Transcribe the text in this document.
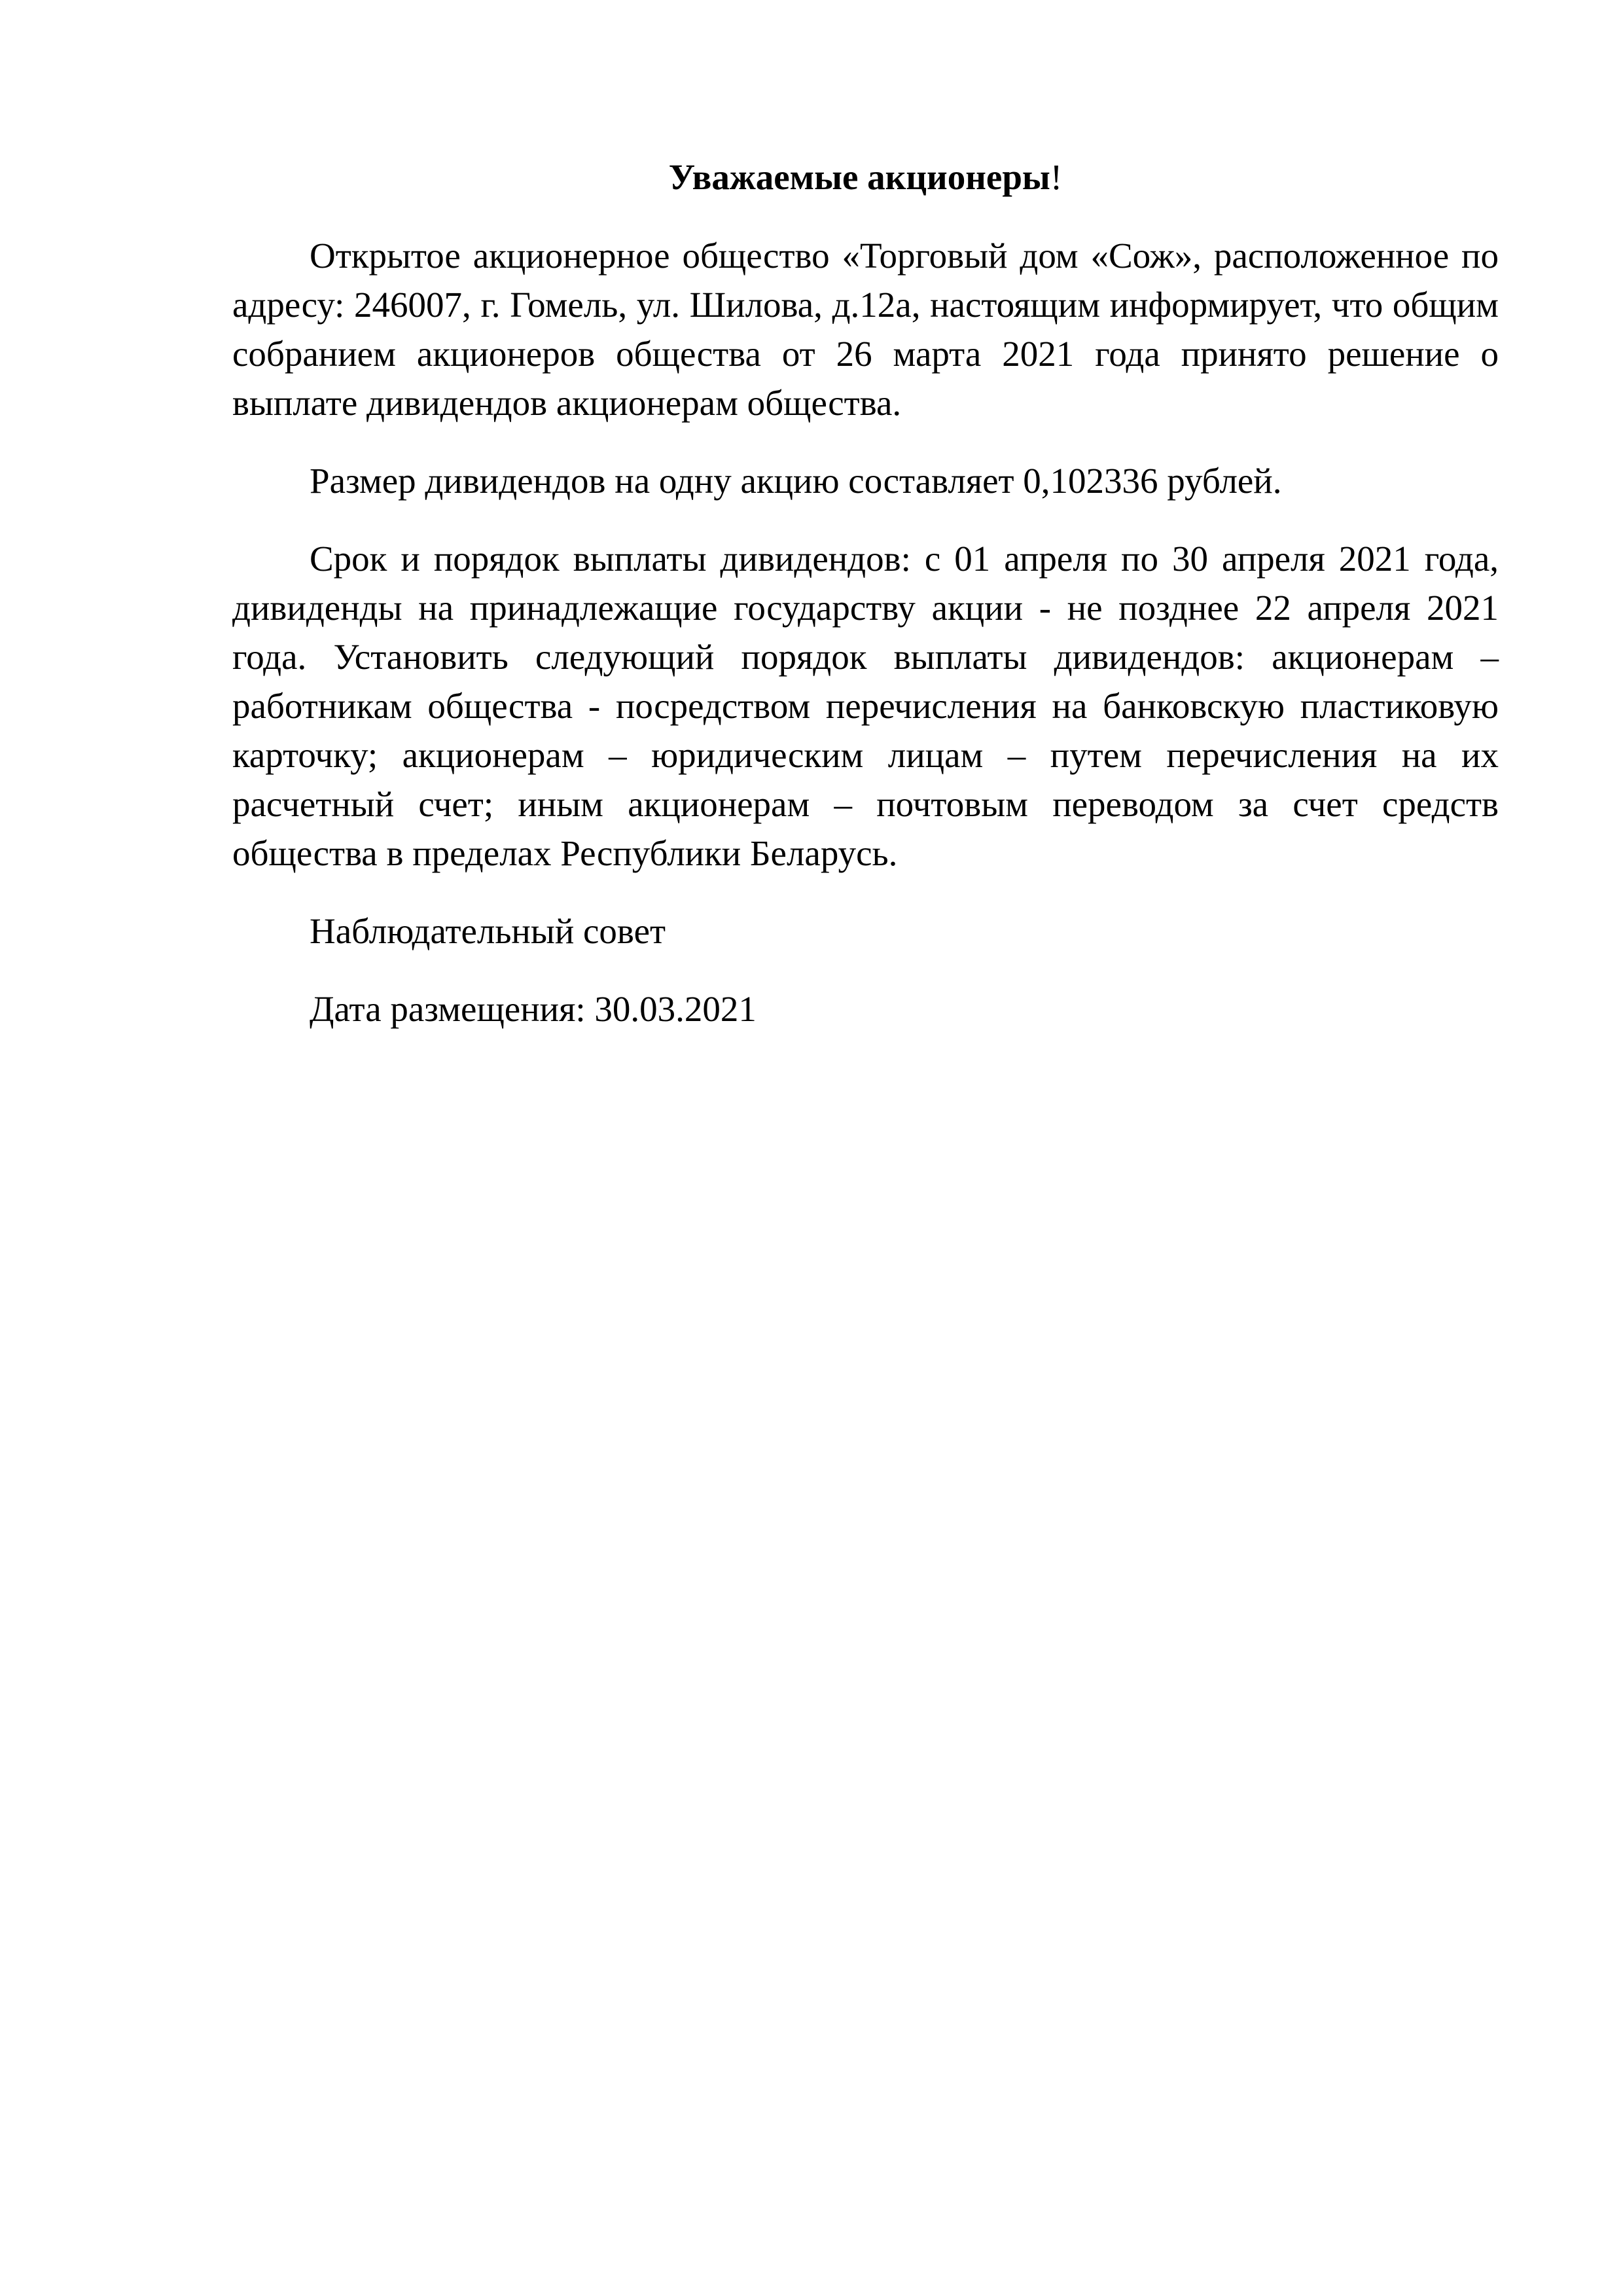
Уважаемые акционеры!

Открытое акционерное общество «Торговый дом «Сож», расположенное по адресу: 246007, г. Гомель, ул. Шилова, д.12а, настоящим информирует, что общим собранием акционеров общества от 26 марта 2021 года принято решение о выплате дивидендов акционерам общества.

Размер дивидендов на одну акцию составляет 0,102336 рублей.

Срок и порядок выплаты дивидендов: с 01 апреля по 30 апреля 2021 года, дивиденды на принадлежащие государству акции - не позднее 22 апреля 2021 года. Установить следующий порядок выплаты дивидендов: акционерам – работникам общества - посредством перечисления на банковскую пластиковую карточку; акционерам – юридическим лицам – путем перечисления на их расчетный счет; иным акционерам – почтовым переводом за счет средств общества в пределах Республики Беларусь.

Наблюдательный совет

Дата размещения: 30.03.2021
